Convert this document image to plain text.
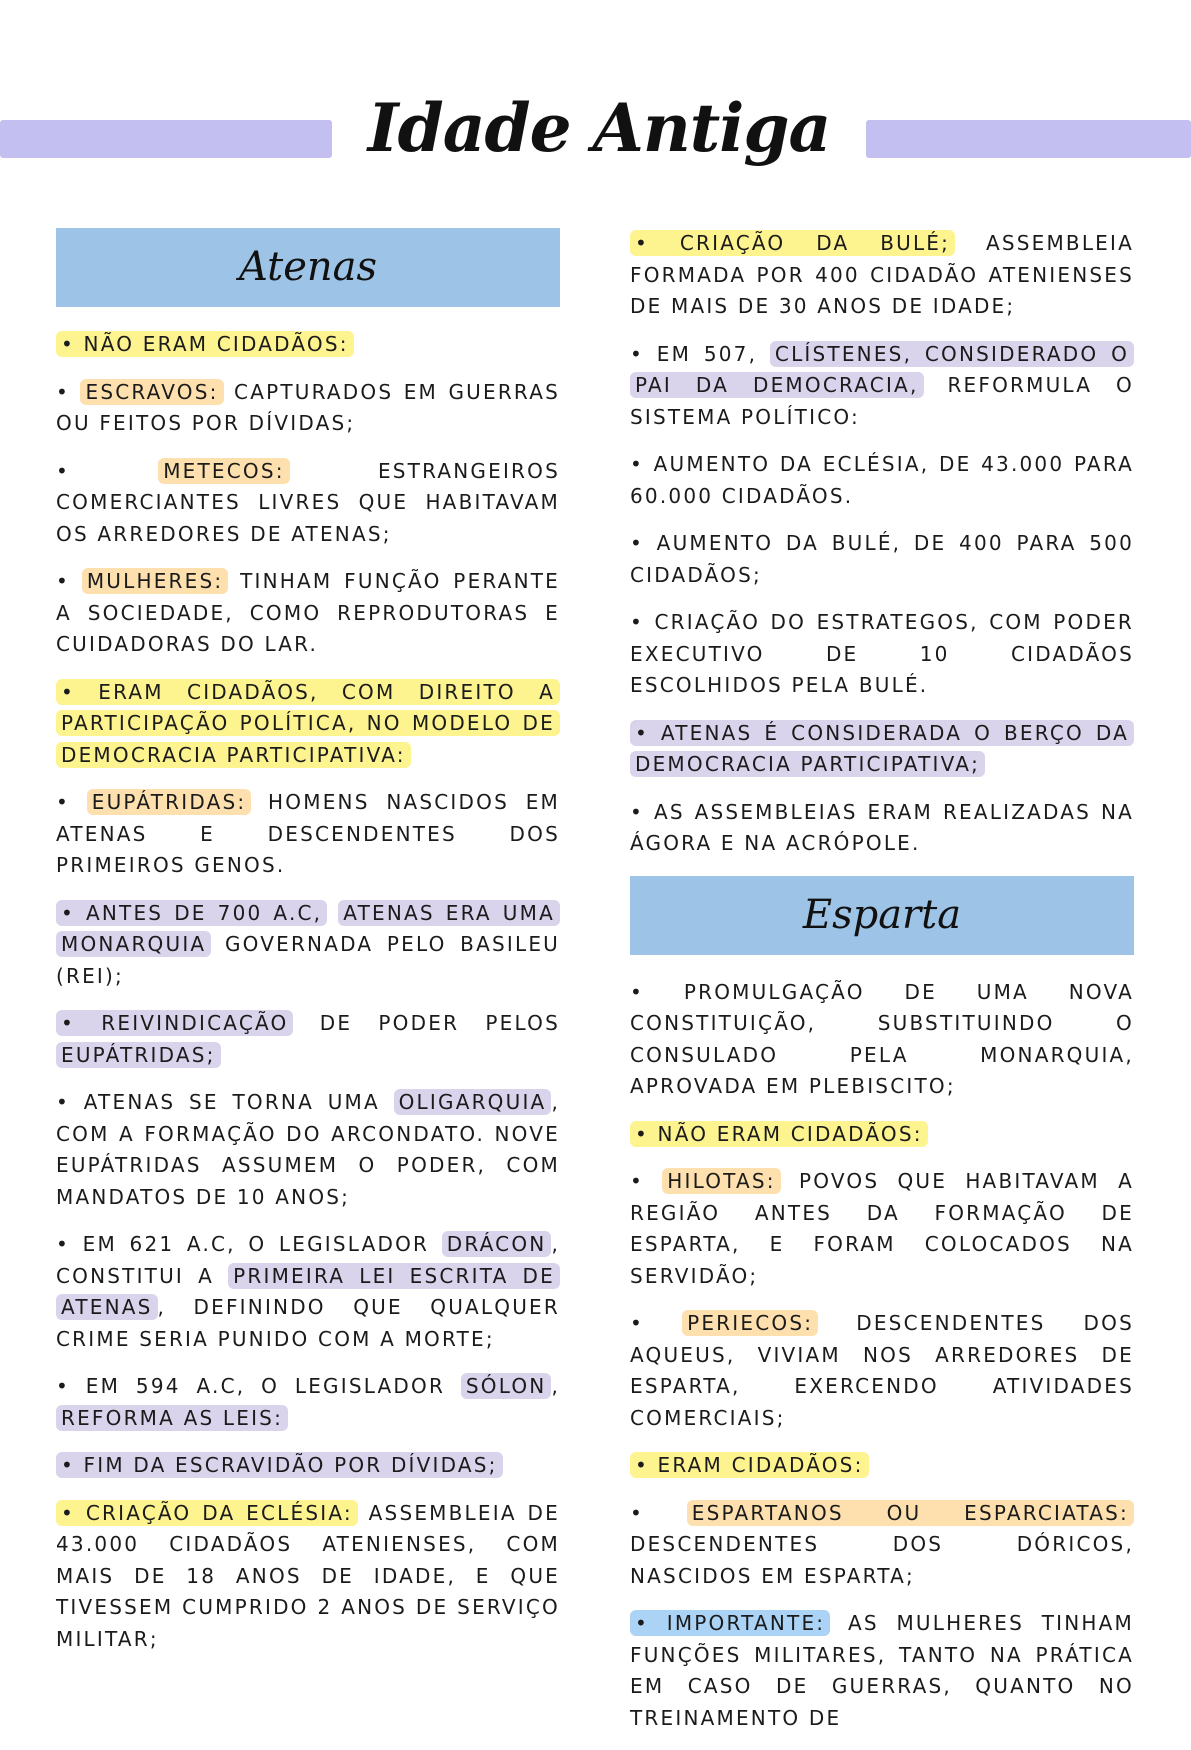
Idade Antiga
Atenas
• NÃO ERAM CIDADÃOS:
• ESCRAVOS: CAPTURADOS EM GUERRAS OU FEITOS POR DÍVIDAS;
• METECOS: ESTRANGEIROS COMERCIANTES LIVRES QUE HABITAVAM OS ARREDORES DE ATENAS;
• MULHERES: TINHAM FUNÇÃO PERANTE A SOCIEDADE, COMO REPRODUTORAS E CUIDADORAS DO LAR.
• ERAM CIDADÃOS, COM DIREITO A PARTICIPAÇÃO POLÍTICA, NO MODELO DE DEMOCRACIA PARTICIPATIVA:
• EUPÁTRIDAS: HOMENS NASCIDOS EM ATENAS E DESCENDENTES DOS PRIMEIROS GENOS.
• ANTES DE 700 A.C, ATENAS ERA UMA MONARQUIA GOVERNADA PELO BASILEU (REI);
• REIVINDICAÇÃO DE PODER PELOS EUPÁTRIDAS;
• ATENAS SE TORNA UMA OLIGARQUIA , COM A FORMAÇÃO DO ARCONDATO. NOVE EUPÁTRIDAS ASSUMEM O PODER, COM MANDATOS DE 10 ANOS;
• EM 621 A.C, O LEGISLADOR DRÁCON , CONSTITUI A PRIMEIRA LEI ESCRITA DE ATENAS , DEFININDO QUE QUALQUER CRIME SERIA PUNIDO COM A MORTE;
• EM 594 A.C, O LEGISLADOR SÓLON , REFORMA AS LEIS:
• FIM DA ESCRAVIDÃO POR DÍVIDAS;
• CRIAÇÃO DA ECLÉSIA: ASSEMBLEIA DE 43.000 CIDADÃOS ATENIENSES, COM MAIS DE 18 ANOS DE IDADE, E QUE TIVESSEM CUMPRIDO 2 ANOS DE SERVIÇO MILITAR;
• CRIAÇÃO DA BULÉ; ASSEMBLEIA FORMADA POR 400 CIDADÃO ATENIENSES DE MAIS DE 30 ANOS DE IDADE;
• EM 507, CLÍSTENES, CONSIDERADO O PAI DA DEMOCRACIA, REFORMULA O SISTEMA POLÍTICO:
• AUMENTO DA ECLÉSIA, DE 43.000 PARA 60.000 CIDADÃOS.
• AUMENTO DA BULÉ, DE 400 PARA 500 CIDADÃOS;
• CRIAÇÃO DO ESTRATEGOS, COM PODER EXECUTIVO DE 10 CIDADÃOS ESCOLHIDOS PELA BULÉ.
• ATENAS É CONSIDERADA O BERÇO DA DEMOCRACIA PARTICIPATIVA;
• AS ASSEMBLEIAS ERAM REALIZADAS NA ÁGORA E NA ACRÓPOLE.
Esparta
• PROMULGAÇÃO DE UMA NOVA CONSTITUIÇÃO, SUBSTITUINDO O CONSULADO PELA MONARQUIA, APROVADA EM PLEBISCITO;
• NÃO ERAM CIDADÃOS:
• HILOTAS: POVOS QUE HABITAVAM A REGIÃO ANTES DA FORMAÇÃO DE ESPARTA, E FORAM COLOCADOS NA SERVIDÃO;
• PERIECOS: DESCENDENTES DOS AQUEUS, VIVIAM NOS ARREDORES DE ESPARTA, EXERCENDO ATIVIDADES COMERCIAIS;
• ERAM CIDADÃOS:
• ESPARTANOS OU ESPARCIATAS: DESCENDENTES DOS DÓRICOS, NASCIDOS EM ESPARTA;
• IMPORTANTE: AS MULHERES TINHAM FUNÇÕES MILITARES, TANTO NA PRÁTICA EM CASO DE GUERRAS, QUANTO NO TREINAMENTO DE
